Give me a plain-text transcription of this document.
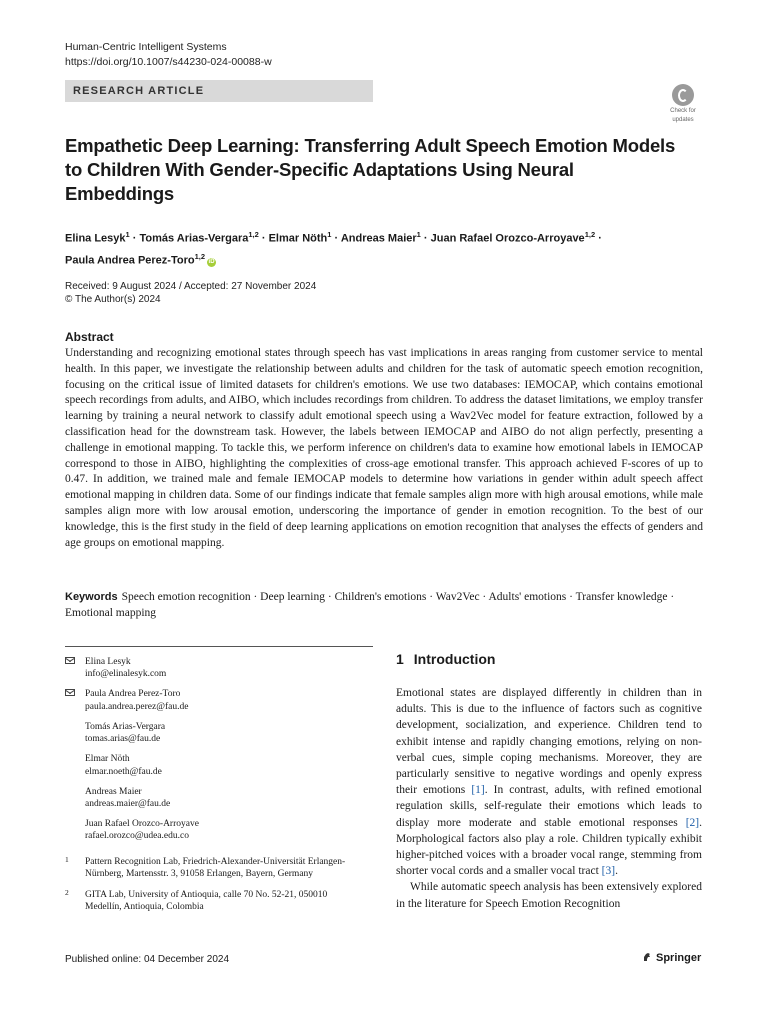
Human-Centric Intelligent Systems
https://doi.org/10.1007/s44230-024-00088-w
RESEARCH ARTICLE
Check for
updates
Empathetic Deep Learning: Transferring Adult Speech Emotion Models to Children With Gender-Specific Adaptations Using Neural Embeddings
Elina Lesyk$^1$ · Tomás Arias-Vergara$^{1,2}$ · Elmar Nöth$^1$ · Andreas Maier$^1$ · Juan Rafael Orozco-Arroyave$^{1,2}$ ·
Paula Andrea Perez-Toro$^{1,2}$iD
Received: 9 August 2024 / Accepted: 27 November 2024
© The Author(s) 2024
Abstract
Understanding and recognizing emotional states through speech has vast implications in areas ranging from customer service to mental health. In this paper, we investigate the relationship between adults and children for the task of automatic speech emotion recognition, focusing on the critical issue of limited datasets for children's emotions. We use two databases: IEMOCAP, which contains emotional speech recordings from adults, and AIBO, which includes recordings from children. To address the dataset limitations, we employ transfer learning by training a neural network to classify adult emotional speech using a Wav2Vec model for feature extraction, followed by a classification head for the downstream task. However, the labels between IEMOCAP and AIBO do not align perfectly, presenting a challenge in emotional mapping. To tackle this, we perform inference on children's data to examine how emotional labels in IEMOCAP correspond to those in AIBO, highlighting the complexities of cross-age emotional transfer. This approach achieved F-scores of up to 0.47. In addition, we trained male and female IEMOCAP models to determine how variations in gender within adult speech affect emotional mapping in children data. Some of our findings indicate that female samples align more with high arousal emotions, while male samples align more with low arousal emotion, underscoring the importance of gender in emotion recognition. To the best of our knowledge, this is the first study in the field of deep learning applications on emotion recognition that analyses the effects of genders and age groups on emotional mapping.
Keywords Speech emotion recognition · Deep learning · Children's emotions · Wav2Vec · Adults' emotions · Transfer knowledge · Emotional mapping
Elina Lesyk
info@elinalesyk.com
Paula Andrea Perez-Toro
paula.andrea.perez@fau.de
Tomás Arias-Vergara
tomas.arias@fau.de
Elmar Nöth
elmar.noeth@fau.de
Andreas Maier
andreas.maier@fau.de
Juan Rafael Orozco-Arroyave
rafael.orozco@udea.edu.co
1 Pattern Recognition Lab, Friedrich-Alexander-Universität Erlangen-Nürnberg, Martensstr. 3, 91058 Erlangen, Bayern, Germany
2 GITA Lab, University of Antioquia, calle 70 No. 52-21, 050010 Medellín, Antioquia, Colombia
1 Introduction

Emotional states are displayed differently in children than in adults. This is due to the influence of factors such as cognitive development, socialization, and experience. Children tend to exhibit intense and rapidly changing emotions, relying on non-verbal cues, simple coping mechanisms. Moreover, they are particularly sensitive to negative wordings and openly express their emotions [1]. In contrast, adults, with refined emotional regulation skills, self-regulate their emotions which leads to display more moderate and stable emotional responses [2]. Morphological factors also play a role. Children typically exhibit higher-pitched voices with a broader vocal range, stemming from shorter vocal cords and a smaller vocal tract [3].

While automatic speech analysis has been extensively explored in the literature for Speech Emotion Recognition

Published online: 04 December 2024	Springer
